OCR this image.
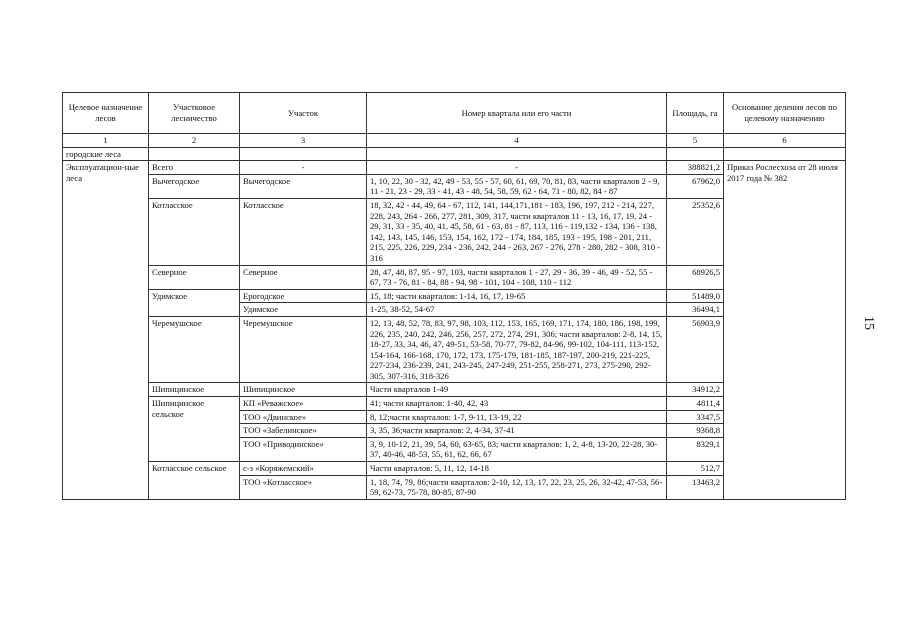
Целевое назначение лесов	Участковое лесничество	Участок	Номер квартала или его части	Площадь, га	Основание деления лесов по целевому назначению
1	2	3	4	5	6
городские леса					
Эксплуатацион-ные леса	Всего	-	-	388821,2	Приказ Рослесхоза от 28 июля 2017 года № 382
	Вычегодское	Вычегодское	1, 10, 22, 30 - 32, 42, 49 - 53, 55 - 57, 60, 61, 69, 70, 81, 83, части кварталов 2 - 9, 11 - 21, 23 - 29, 33 - 41, 43 - 48, 54, 58, 59, 62 - 64, 71 - 80, 82, 84 - 87	67962,0	
	Котласское	Котласское	18, 32, 42 - 44, 49, 64 - 67, 112, 141, 144,171,181 - 183, 196, 197, 212 - 214, 227, 228, 243, 264 - 266, 277, 281, 309, 317, части кварталов 11 - 13, 16, 17, 19, 24 - 29, 31, 33 - 35, 40, 41, 45, 58, 61 - 63, 81 - 87, 113, 116 - 119,132 - 134, 136 - 138, 142, 143, 145, 146, 153, 154, 162, 172 - 174, 184, 185, 193 - 195, 198 - 201, 211, 215, 225, 226, 229, 234 - 236, 242, 244 - 263, 267 - 276, 278 - 280, 282 - 308, 310 - 316	25352,6	
	Северное	Северное	28, 47, 48, 87, 95 - 97, 103, части кварталов 1 - 27, 29 - 36, 39 - 46, 49 - 52, 55 - 67, 73 - 76, 81 - 84, 88 - 94, 98 - 101, 104 - 108, 110 - 112	68926,5	
	Удимское	Ерогодское	15, 18; части кварталов: 1-14, 16, 17, 19-65	51489,0	
		Удимское	1-25, 38-52, 54-67	36494,1	
	Черемушское	Черемушское	12, 13, 48, 52, 78, 83, 97, 98, 103, 112, 153, 165, 169, 171, 174, 180, 186, 198, 199, 226, 235, 240, 242, 246, 256, 257, 272, 274, 291, 306; части кварталов: 2-8, 14, 15, 18-27, 33, 34, 46, 47, 49-51, 53-58, 70-77, 79-82, 84-96, 99-102, 104-111, 113-152, 154-164, 166-168, 170, 172, 173, 175-179, 181-185, 187-197, 200-219, 221-225, 227-234, 236-239, 241, 243-245, 247-249, 251-255, 258-271, 273, 275-290, 292-305, 307-316, 318-326	56903,9	
	Шипицинское	Шипицинское	Части кварталов 1-49	34912,2	
	Шипицинское сельское	КП «Реважское»	41; части кварталов: 1-40, 42, 43	4811,4	
		ТОО «Двинское»	8, 12;части кварталов: 1-7, 9-11, 13-19, 22	3347,5	
		ТОО «Забелинское»	3, 35, 36;части кварталов: 2, 4-34, 37-41	9368,8	
		ТОО «Приводинское»	3, 9, 10-12, 21, 39, 54, 60, 63-65, 83; части кварталов: 1, 2, 4-8, 13-20, 22-28, 30-37, 40-46, 48-53, 55, 61, 62, 66, 67	8329,1	
	Котласское сельское	с-з «Коряжемский»	Части кварталов: 5, 11, 12, 14-18	512,7	
		ТОО «Котласское»	1, 18, 74, 79, 86;части кварталов: 2-10, 12, 13, 17, 22, 23, 25, 26, 32-42, 47-53, 56-59, 62-73, 75-78, 80-85, 87-90	13463,2	
15
